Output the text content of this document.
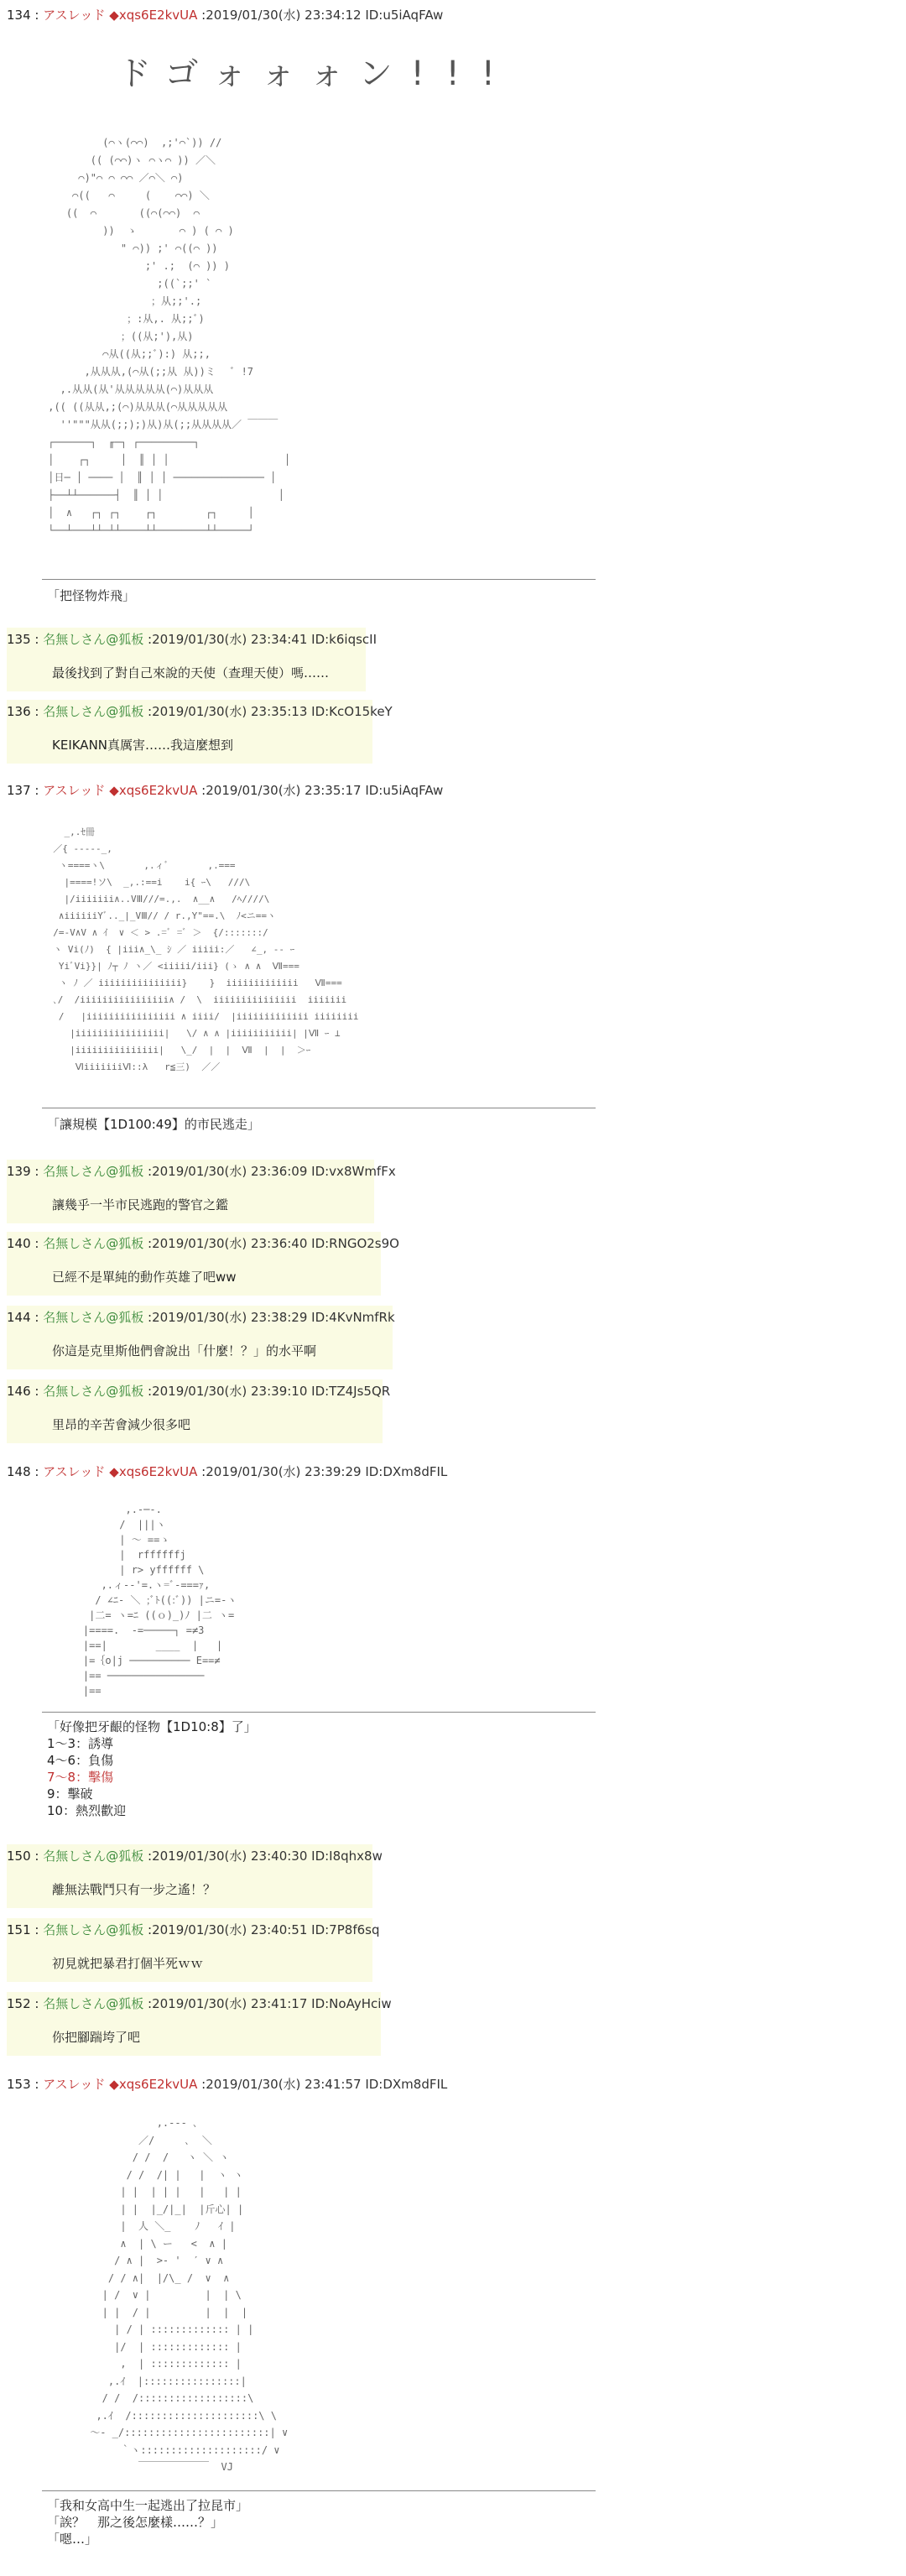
134 : アスレッド ◆xqs6E2kvUA :2019/01/30(水) 23:34:12 ID:u5iAqFAw
ドゴォォォン!!!
(⌒ヽ(⌒⌒)  ,;'⌒`)) //
(( (⌒⌒)ヽ ⌒ヽ⌒ )) ／＼
⌒)"⌒ ⌒ ⌒⌒ ／⌒＼ ⌒)
⌒((   ⌒     (    ⌒⌒) ＼
((  ⌒       ((⌒(⌒⌒)  ⌒
))  ゝ       ⌒ ) ( ⌒ )
" ⌒)) ;' ⌒((⌒ ))
;' .;  (⌒ )) )
;((`;;' `
；从;;'.;
；:从,. 从;;ﾞ)
；((从;'),从)
⌒从((从;;ﾞ):) 从;;,
,从从从,(⌒从(;;从 从))ミ   ﾞ !7
,.从从(从'从从从从从(⌒)从从从
,(( ((从从,;(⌒)从从从(⌒从从从从从
''"""从从(;;);)从)从(;;从从从从／ ￣￣￣
┌──────┐  ╓─┐ ┌─────────┐
│    ┌┐     │  ║ │ │                   │
│日─ │ ──── │  ║ │ │ ─────────────── │
├──┴┴──────┤  ║ │ │                   │
│  ∧   ┌┐ ┌┐    ┌┐        ┌┐     │
└──┴───┴┴─┴┴────┴┴────────┴┴─────┘
「把怪物炸飛」
135 : 名無しさん@狐板 :2019/01/30(水) 23:34:41 ID:k6iqscII
最後找到了對自己來說的天使（查理天使）嗎……
136 : 名無しさん@狐板 :2019/01/30(水) 23:35:13 ID:KcO15keY
KEIKANN真厲害……我這麼想到
137 : アスレッド ◆xqs6E2kvUA :2019/01/30(水) 23:35:17 ID:u5iAqFAw
_,.ｾ冊
／{ -----_,
ヽ====ヽ\       ,.ィﾞ       ,.===
|====!ソ\  _,.:==i    i{ ｰ\   ///\
|/iiiiiii∧..VⅢ///=.,.  ∧__∧   /ﾍ////\
∧iiiiiiYﾞ.._|_VⅢ// / r.,Y"==.\  ﾉ<ニ==ヽ
/=-V∧V ∧ ｲ  ∨ ＜ > .=ﾞ =ﾞ ＞  {/:::::::/
ヽ Vi(ﾉ)  { |iii∧_\_ ｼ ／ iiiii:／   ∠_, -‐ ｰ
YiﾞVi}}| ﾉ┬ ﾉ ヽ／ <iiiii/iii} (ゝ ∧ ∧  Ⅶ===
ヽ ﾉ ／ iiiiiiiiiiiiiii}    }  iiiiiiiiiiiii   Ⅶ===
､/  /iiiiiiiiiiiiiiii∧ /  \  iiiiiiiiiiiiiii  iiiiiii
/   |iiiiiiiiiiiiiiii ∧ iiii/  |iiiiiiiiiiiii iiiiiiii
|iiiiiiiiiiiiiiii|   \/ ∧ ∧ |iiiiiiiiiii| |Ⅶ ｰ ⊥
|iiiiiiiiiiiiiii|   \_/  |  |  Ⅶ  |  |  ＞ｰ
ⅥiiiiiiiⅥ::λ   r≦三)  ／／
「讓規模【1D100:49】的市民逃走」
139 : 名無しさん@狐板 :2019/01/30(水) 23:36:09 ID:vx8WmfFx
讓幾乎一半市民逃跑的警官之鑑
140 : 名無しさん@狐板 :2019/01/30(水) 23:36:40 ID:RNGO2s9O
已經不是單純的動作英雄了吧ww
144 : 名無しさん@狐板 :2019/01/30(水) 23:38:29 ID:4KvNmfRk
你這是克里斯他們會說出「什麼！？」的水平啊
146 : 名無しさん@狐板 :2019/01/30(水) 23:39:10 ID:TZ4Js5QR
里昂的辛苦會減少很多吧
148 : アスレッド ◆xqs6E2kvUA :2019/01/30(水) 23:39:29 ID:DXm8dFIL
,.-─-.
/  |||ヽ
| 〜 ==ゝ
|  rffffffj
| r> yffffff \
,.ィ--'=.ヽ=ﾞ-===ｧ,
/ ∠ﾆ- ＼ ;ﾞﾄ((:ﾞ)) |ニ=-ヽ
|二= ヽ=ﾆ ((ｏ)_)ﾉ |二 ヽ=
|====.  -=─────┐ =≠3
|==|        ____  |   |
|=｛o|j ────────── E==≠
|== ────────────────
|==
「好像把牙齦的怪物【1D10:8】了」
1～3：誘導
4～6：負傷
7～8：擊傷
9：擊破
10：熱烈歡迎
150 : 名無しさん@狐板 :2019/01/30(水) 23:40:30 ID:I8qhx8w
離無法戰鬥只有一步之遙！？
151 : 名無しさん@狐板 :2019/01/30(水) 23:40:51 ID:7P8f6sq
初見就把暴君打個半死ｗｗ
152 : 名無しさん@狐板 :2019/01/30(水) 23:41:17 ID:NoAyHciw
你把腳踹垮了吧
153 : アスレッド ◆xqs6E2kvUA :2019/01/30(水) 23:41:57 ID:DXm8dFIL
,.--- ､
／/     ､  ＼
/ /  /   ヽ ＼ ヽ
/ /  /| |   |  ヽ ヽ
| |  | | |   |   | |
| |  |_/|_|  |斤心| |
|  人 ＼_    ﾉ   ｲ |
∧  | \ ー   <  ∧ |
/ ∧ |  >- '  ′ ∨ ∧
/ / ∧|  |/\_ /  ∨  ∧
| /  ∨ |         |  | \
| |  / |         |  |  |
| / | ::::::::::::: | |
|/  | ::::::::::::: |
,  | ::::::::::::: |
,.ｲ  |::::::::::::::::|
/ /  /::::::::::::::::::\
,.ｲ  /:::::::::::::::::::::\ \
～- _/::::::::::::::::::::::::| ∨
｀ヽ::::::::::::::::::::/ ∨
￣￣￣￣￣￣￣  VJ
「我和女高中生一起逃出了拉昆市」
「誒？　那之後怎麼樣……？」
「嗯…」
